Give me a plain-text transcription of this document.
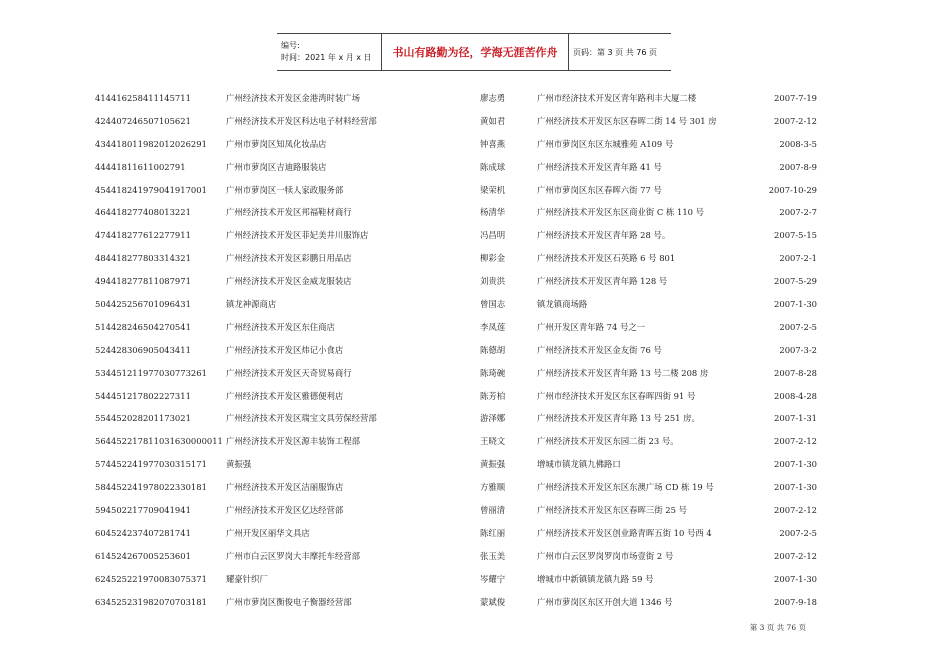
编号:
时间：2021 年 x 月 x 日	书山有路勤为径，学海无涯苦作舟 页码：第 3 页 共 76 页
414416258411145711	广州经济技术开发区金港湾时装广场	廖志勇	广州市经济技术开发区青年路利丰大厦二楼	2007-7-19
424407246507105621	广州经济技术开发区科达电子材料经营部	黄如君	广州经济技术开发区东区春晖二街 14 号 301 房	2007-2-12
434418011982012026291 广州市萝岗区知凤化妆品店	钟喜燕	广州市萝岗区东区东城雅苑 A109 号	2008-3-5
44441811611002791	广州市萝岗区吉迪路服装店	陈成球	广州经济技术开发区青年路 41 号	2007-8-9
454418241979041917001 广州市萝岗区一犊人家政服务部	梁荣机	广州市萝岗区东区春晖六街 77 号	2007-10-29
464418277408013221	广州经济技术开发区邦福鞋材商行	杨清华	广州经济技术开发区东区商业街 C 栋 110 号	2007-2-7
474418277612277911	广州经济技术开发区菲妃美井川服饰店	冯昌明	广州经济技术开发区青年路 28 号。	2007-5-15
484418277803314321	广州经济技术开发区彩鹏日用品店	柳彩金	广州经济技术开发区石英路 6 号 801	2007-2-1
494418277811087971	广州经济技术开发区金威龙服装店	刘贵洪	广州经济技术开发区青年路 128 号	2007-5-29
504425256701096431	镇龙神源商店	曾国志	镇龙镇商场路	2007-1-30
514428246504270541	广州经济技术开发区东住商店	李凤莲	广州开发区青年路 74 号之一	2007-2-5
524428306905043411	广州经济技术开发区炜记小食店	陈德胡	广州经济技术开发区金友街 76 号	2007-3-2
534451211977030773261 广州经济技术开发区天奇贸易商行	陈琦碗	广州经济技术开发区青年路 13 号二楼 208 房	2007-8-28
544451217802227311	广州经济技术开发区雅德便利店	陈芳柏	广州市经济技术开发区东区春晖四街 91 号	2008-4-28
554452028201173021	广州经济技术开发区瑞宝文具劳保经营部	游泽娜	广州经济技术开发区青年路 13 号 251 房。	2007-1-31
564452217811031630000011 广州经济技术开发区源丰装饰工程部	王晓文	广州经济技术开发区东园二街 23 号。	2007-2-12
574452241977030315171 黄振强	黄振强	增城市镇龙镇九佛路口	2007-1-30
584452241978022330181 广州经济技术开发区洁丽服饰店	方雅顺	广州经济技术开发区东区东澳广场 CD 栋 19 号	2007-1-30
594502217709041941	广州经济技术开发区亿达经营部	曾丽清	广州经济技术开发区东区春晖三街 25 号	2007-2-12
604524237407281741	广州开发区丽华文具店	陈红丽	广州经济技术开发区创业路青晖五街 10 号西 4	2007-2-5
614524267005253601	广州市白云区罗岗大丰摩托车经营部	张玉美	广州市白云区罗岗罗岗市场壹街 2 号	2007-2-12
624525221970083075371 耀豪针织厂	岑耀宁	增城市中新镇镇龙镇九路 59 号	2007-1-30
634525231982070703181 广州市萝岗区衡俊电子衡器经营部	蒙斌俊	广州市萝岗区东区开创大道 1346 号	2007-9-18
第 3 页 共 76 页
